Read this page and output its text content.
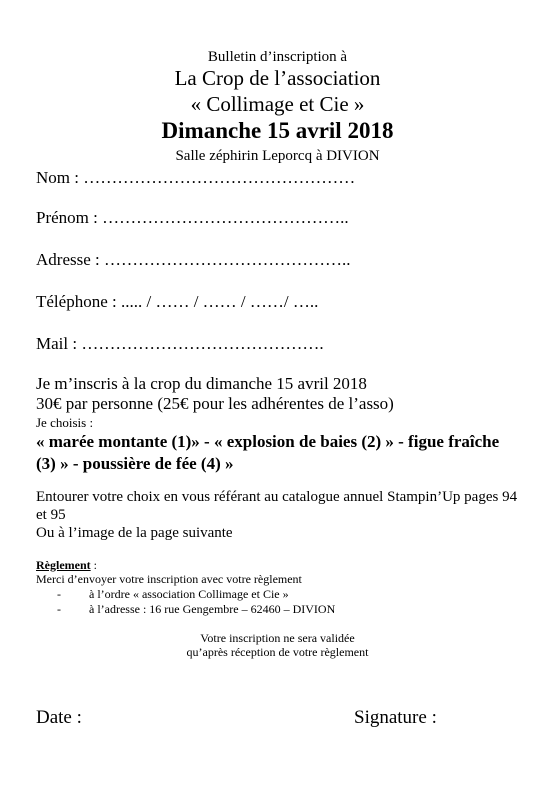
Bulletin d’inscription à
La Crop de l’association
« Collimage et Cie »
Dimanche 15 avril 2018
Salle zéphirin Leporcq à DIVION
Nom : …………………………………………
Prénom : ……………………………………..
Adresse : ……………………………………..
Téléphone : ..... / …… / …… / ……/ …..
Mail : …………………………………….
Je m’inscris à la crop du dimanche 15 avril 2018
30€ par personne (25€ pour les adhérentes de l’asso)
Je choisis :
« marée montante (1)» - « explosion de baies (2) » - figue fraîche
(3) » - poussière de fée (4) »
Entourer votre choix en vous référant au catalogue annuel Stampin’Up pages 94
et 95
Ou à l’image de la page suivante
Règlement :
Merci d’envoyer votre inscription avec votre règlement
- à l’ordre « association Collimage et Cie »
- à l’adresse : 16 rue Gengembre – 62460 – DIVION
Votre inscription ne sera validée
qu’après réception de votre règlement
Date :	Signature :
